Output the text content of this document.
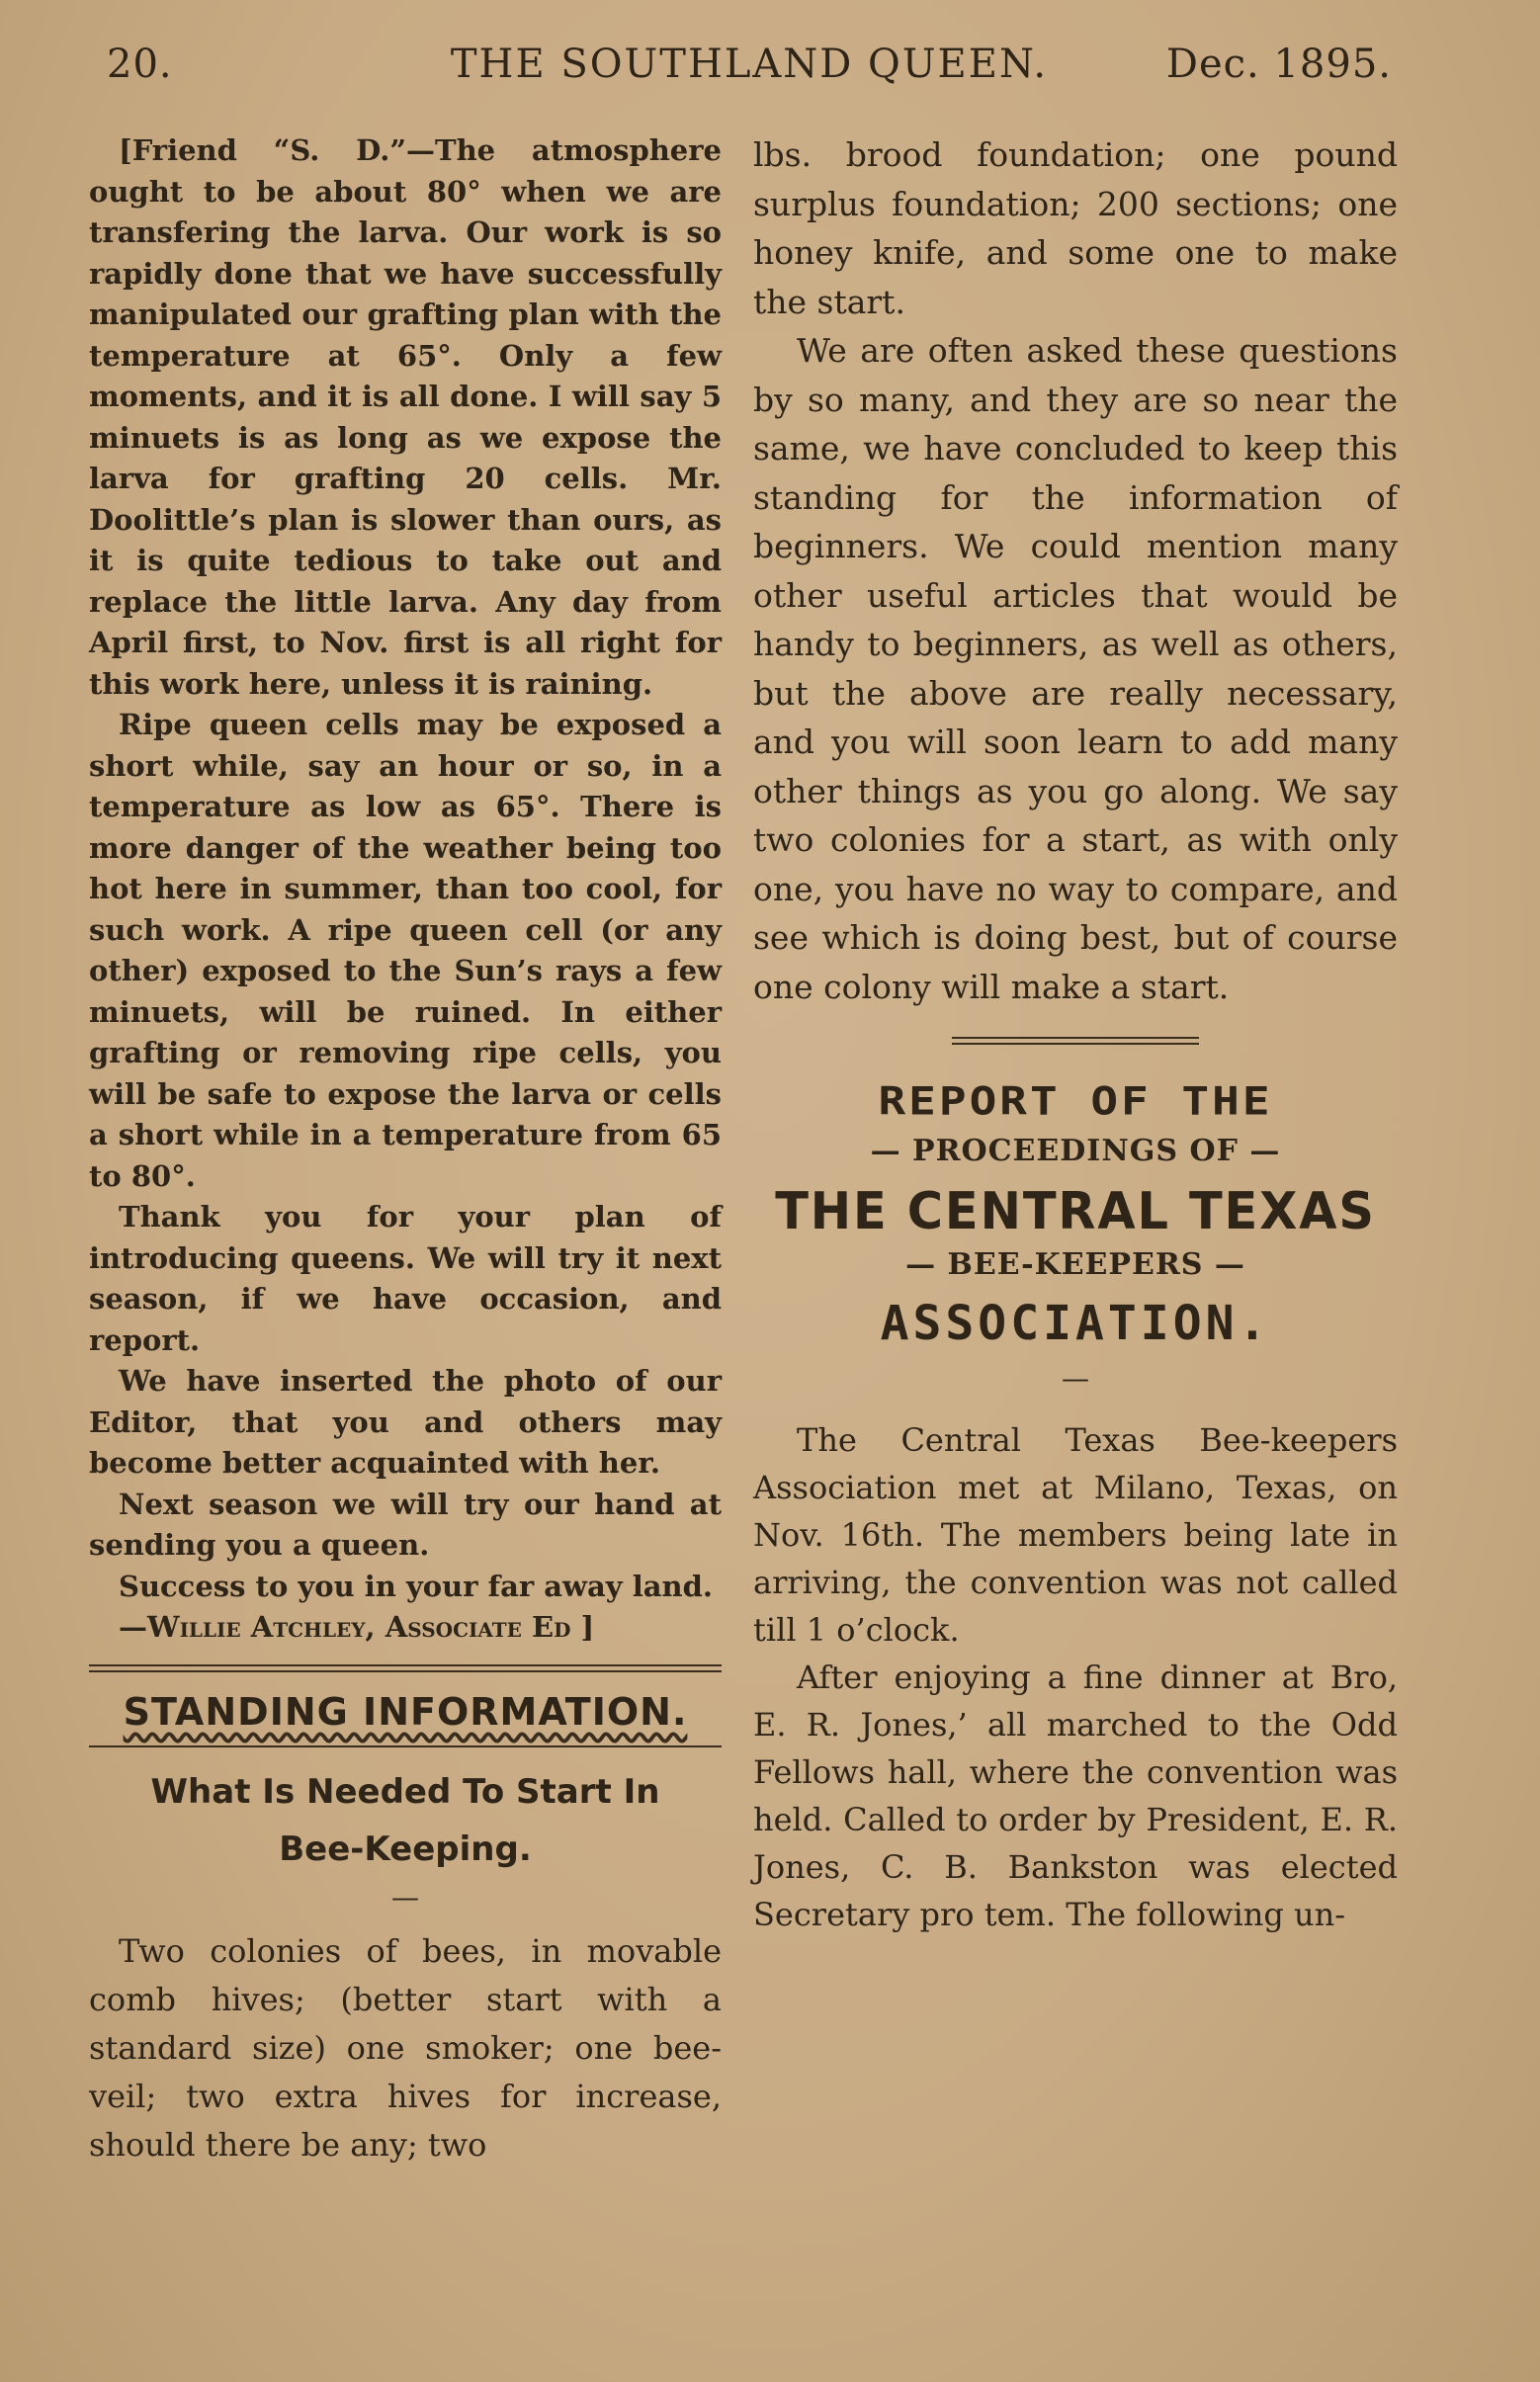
20.	THE SOUTHLAND QUEEN.	Dec. 1895.

[Friend “S. D.”—The atmosphere ought to be about 80° when we are transfering the larva. Our work is so rapidly done that we have successfully manipulated our grafting plan with the temperature at 65°. Only a few moments, and it is all done. I will say 5 minuets is as long as we expose the larva for grafting 20 cells. Mr. Doolittle’s plan is slower than ours, as it is quite tedious to take out and replace the little larva. Any day from April first, to Nov. first is all right for this work here, unless it is raining.

Ripe queen cells may be exposed a short while, say an hour or so, in a temperature as low as 65°. There is more danger of the weather being too hot here in summer, than too cool, for such work. A ripe queen cell (or any other) exposed to the Sun’s rays a few minuets, will be ruined. In either grafting or removing ripe cells, you will be safe to expose the larva or cells a short while in a temperature from 65 to 80°.

Thank you for your plan of introducing queens. We will try it next season, if we have occasion, and report.

We have inserted the photo of our Editor, that you and others may become better acquainted with her.

Next season we will try our hand at sending you a queen.

Success to you in your far away land.

—Willie Atchley, Associate Ed ]

STANDING INFORMATION.
What Is Needed To Start In
Bee-Keeping.
—

Two colonies of bees, in movable comb hives; (better start with a standard size) one smoker; one bee-veil; two extra hives for increase, should there be any; two

lbs. brood foundation; one pound surplus foundation; 200 sections; one honey knife, and some one to make the start.

We are often asked these questions by so many, and they are so near the same, we have concluded to keep this standing for the information of beginners. We could mention many other useful articles that would be handy to beginners, as well as others, but the above are really necessary, and you will soon learn to add many other things as you go along. We say two colonies for a start, as with only one, you have no way to compare, and see which is doing best, but of course one colony will make a start.

REPORT OF THE
— PROCEEDINGS OF —
THE CENTRAL TEXAS
— BEE-KEEPERS —
ASSOCIATION.
—

The Central Texas Bee-keepers Association met at Milano, Texas, on Nov. 16th. The members being late in arriving, the convention was not called till 1 o’clock.

After enjoying a fine dinner at Bro, E. R. Jones,’ all marched to the Odd Fellows hall, where the convention was held. Called to order by President, E. R. Jones, C. B. Bankston was elected Secretary pro tem. The following un-
